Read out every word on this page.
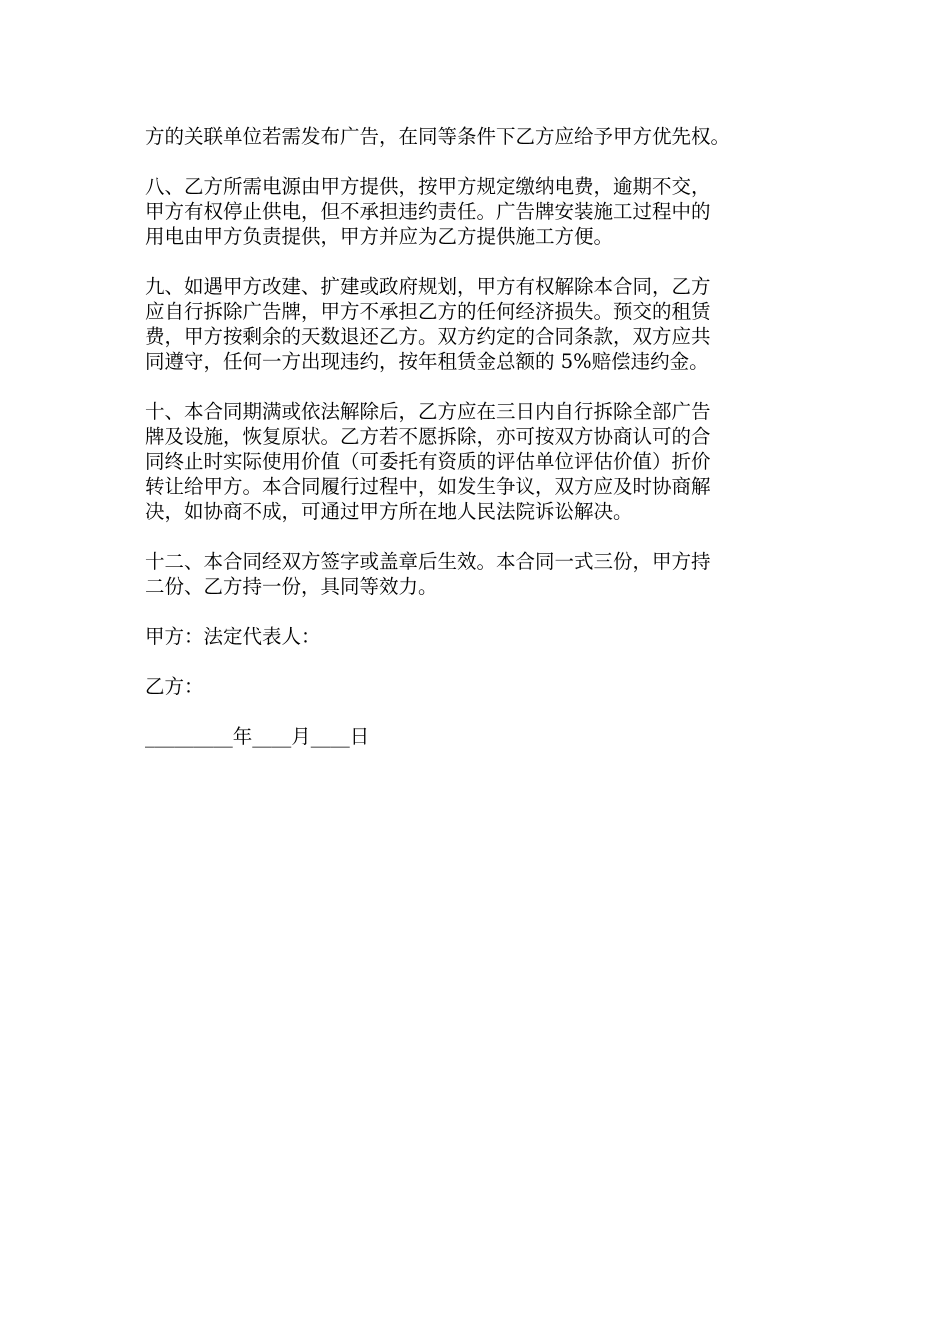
方的关联单位若需发布广告，在同等条件下乙方应给予甲方优先权。

八、乙方所需电源由甲方提供，按甲方规定缴纳电费，逾期不交，
甲方有权停止供电，但不承担违约责任。广告牌安装施工过程中的
用电由甲方负责提供，甲方并应为乙方提供施工方便。

九、如遇甲方改建、扩建或政府规划，甲方有权解除本合同，乙方
应自行拆除广告牌，甲方不承担乙方的任何经济损失。预交的租赁
费，甲方按剩余的天数退还乙方。双方约定的合同条款，双方应共
同遵守，任何一方出现违约，按年租赁金总额的 5%赔偿违约金。

十、本合同期满或依法解除后，乙方应在三日内自行拆除全部广告
牌及设施，恢复原状。乙方若不愿拆除，亦可按双方协商认可的合
同终止时实际使用价值（可委托有资质的评估单位评估价值）折价
转让给甲方。本合同履行过程中，如发生争议，双方应及时协商解
决，如协商不成，可通过甲方所在地人民法院诉讼解决。

十二、本合同经双方签字或盖章后生效。本合同一式三份，甲方持
二份、乙方持一份，具同等效力。

甲方：法定代表人：

乙方：

_________年____月____日
